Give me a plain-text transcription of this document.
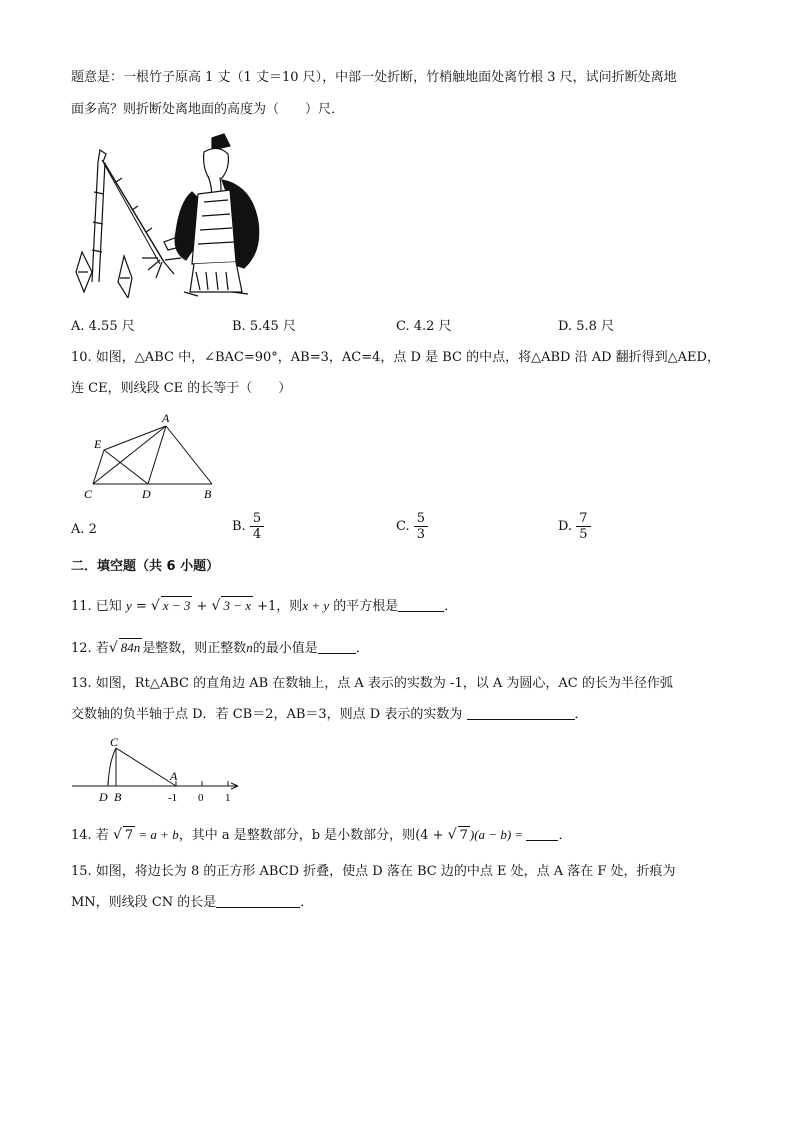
题意是：一根竹子原高 1 丈（1 丈＝10 尺），中部一处折断，竹梢触地面处离竹根 3 尺，试问折断处离地
面多高？则折断处离地面的高度为（　　）尺．
A. 4.55 尺	B. 5.45 尺	C. 4.2 尺	D. 5.8 尺
10. 如图，△ABC 中，∠BAC=90°，AB=3，AC=4，点 D 是 BC 的中点，将△ABD 沿 AD 翻折得到△AED，
连 CE，则线段 CE 的长等于（　　）
A
E
C	D	B
A. 2	B. $\frac{5}{4}$	C. $\frac{5}{3}$	D. $\frac{7}{5}$
二．填空题（共 6 小题）
11. 已知 y = √ x − 3 + √ 3 − x +1，则x + y 的平方根是	．
12. 若√ 84n 是整数，则正整数n的最小值是	．
13. 如图，Rt△ABC 的直角边 AB 在数轴上，点 A 表示的实数为 -1，以 A 为圆心，AC 的长为半径作弧
交数轴的负半轴于点 D．若 CB＝2，AB＝3，则点 D 表示的实数为	．
C
A
D B	-1 0 1
14. 若 √ 7 = a + b，其中 a 是整数部分，b 是小数部分，则(4 + √ 7 )(a − b) = ．
15. 如图，将边长为 8 的正方形 ABCD 折叠，使点 D 落在 BC 边的中点 E 处，点 A 落在 F 处，折痕为
MN，则线段 CN 的长是	．
